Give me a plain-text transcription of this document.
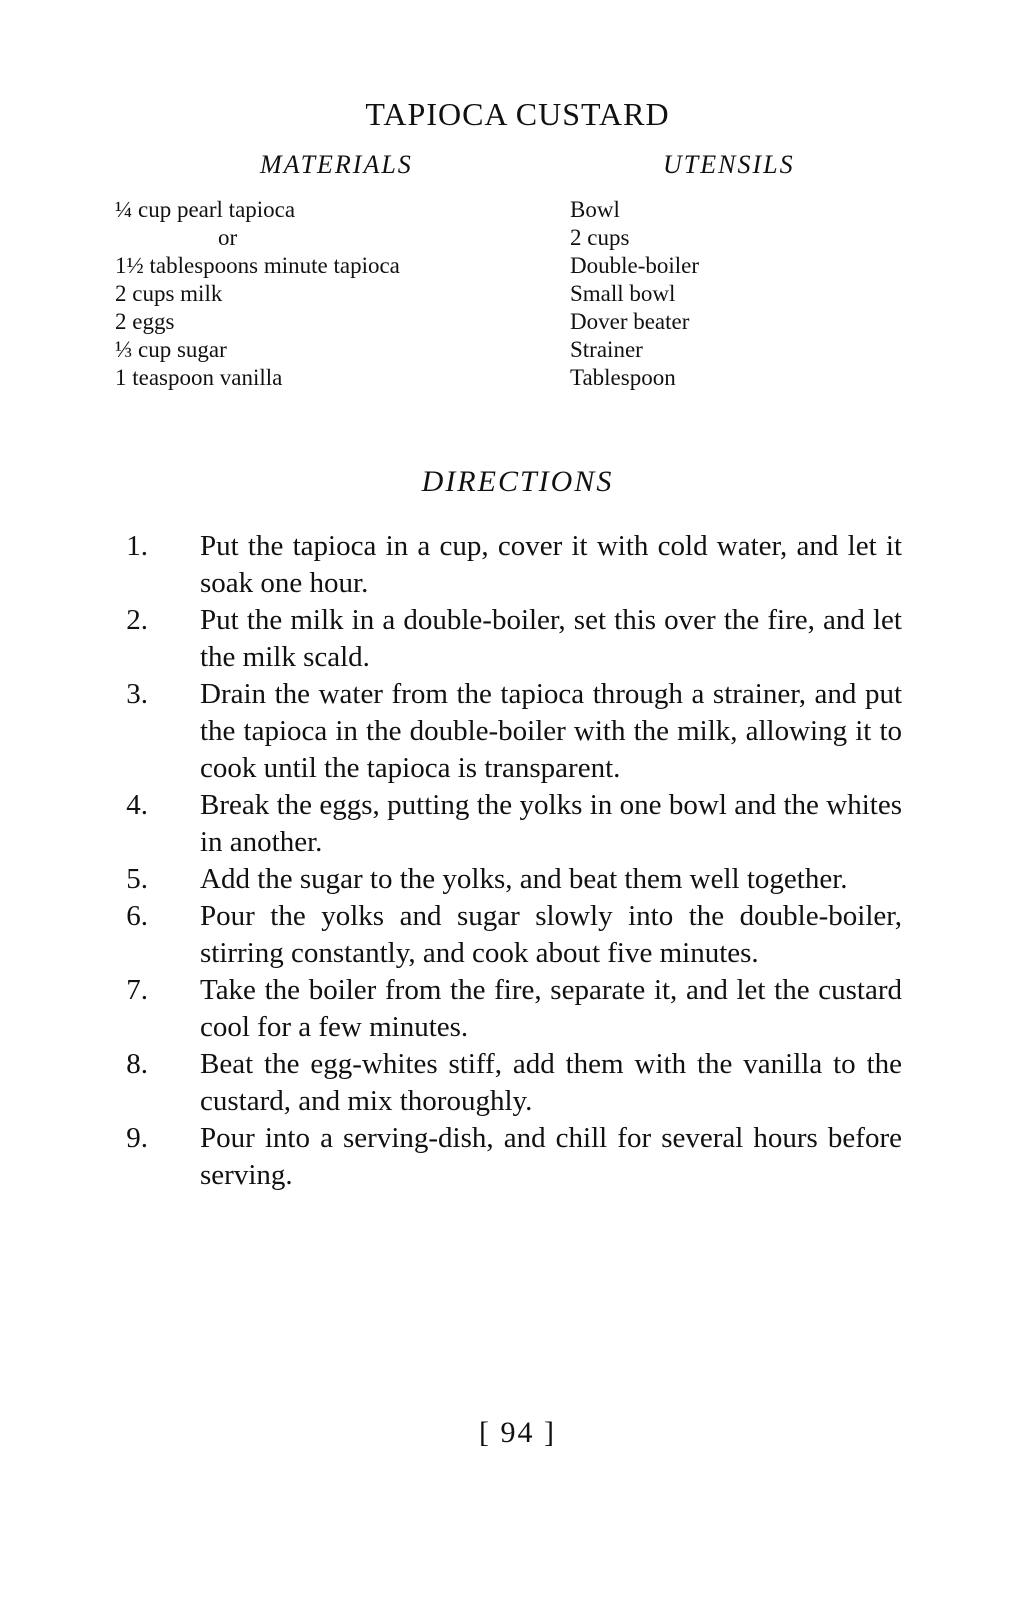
TAPIOCA CUSTARD
MATERIALS	UTENSILS
¼ cup pearl tapioca
or
1½ tablespoons minute tapioca
2 cups milk
2 eggs
⅓ cup sugar
1 teaspoon vanilla
Bowl
2 cups
Double-boiler
Small bowl
Dover beater
Strainer
Tablespoon
DIRECTIONS
1. Put the tapioca in a cup, cover it with cold water, and let it soak one hour.
2. Put the milk in a double-boiler, set this over the fire, and let the milk scald.
3. Drain the water from the tapioca through a strainer, and put the tapioca in the double-boiler with the milk, allowing it to cook until the tapioca is transparent.
4. Break the eggs, putting the yolks in one bowl and the whites in another.
5. Add the sugar to the yolks, and beat them well together.
6. Pour the yolks and sugar slowly into the double-boiler, stirring constantly, and cook about five minutes.
7. Take the boiler from the fire, separate it, and let the custard cool for a few minutes.
8. Beat the egg-whites stiff, add them with the vanilla to the custard, and mix thoroughly.
9. Pour into a serving-dish, and chill for several hours before serving.
[ 94 ]
